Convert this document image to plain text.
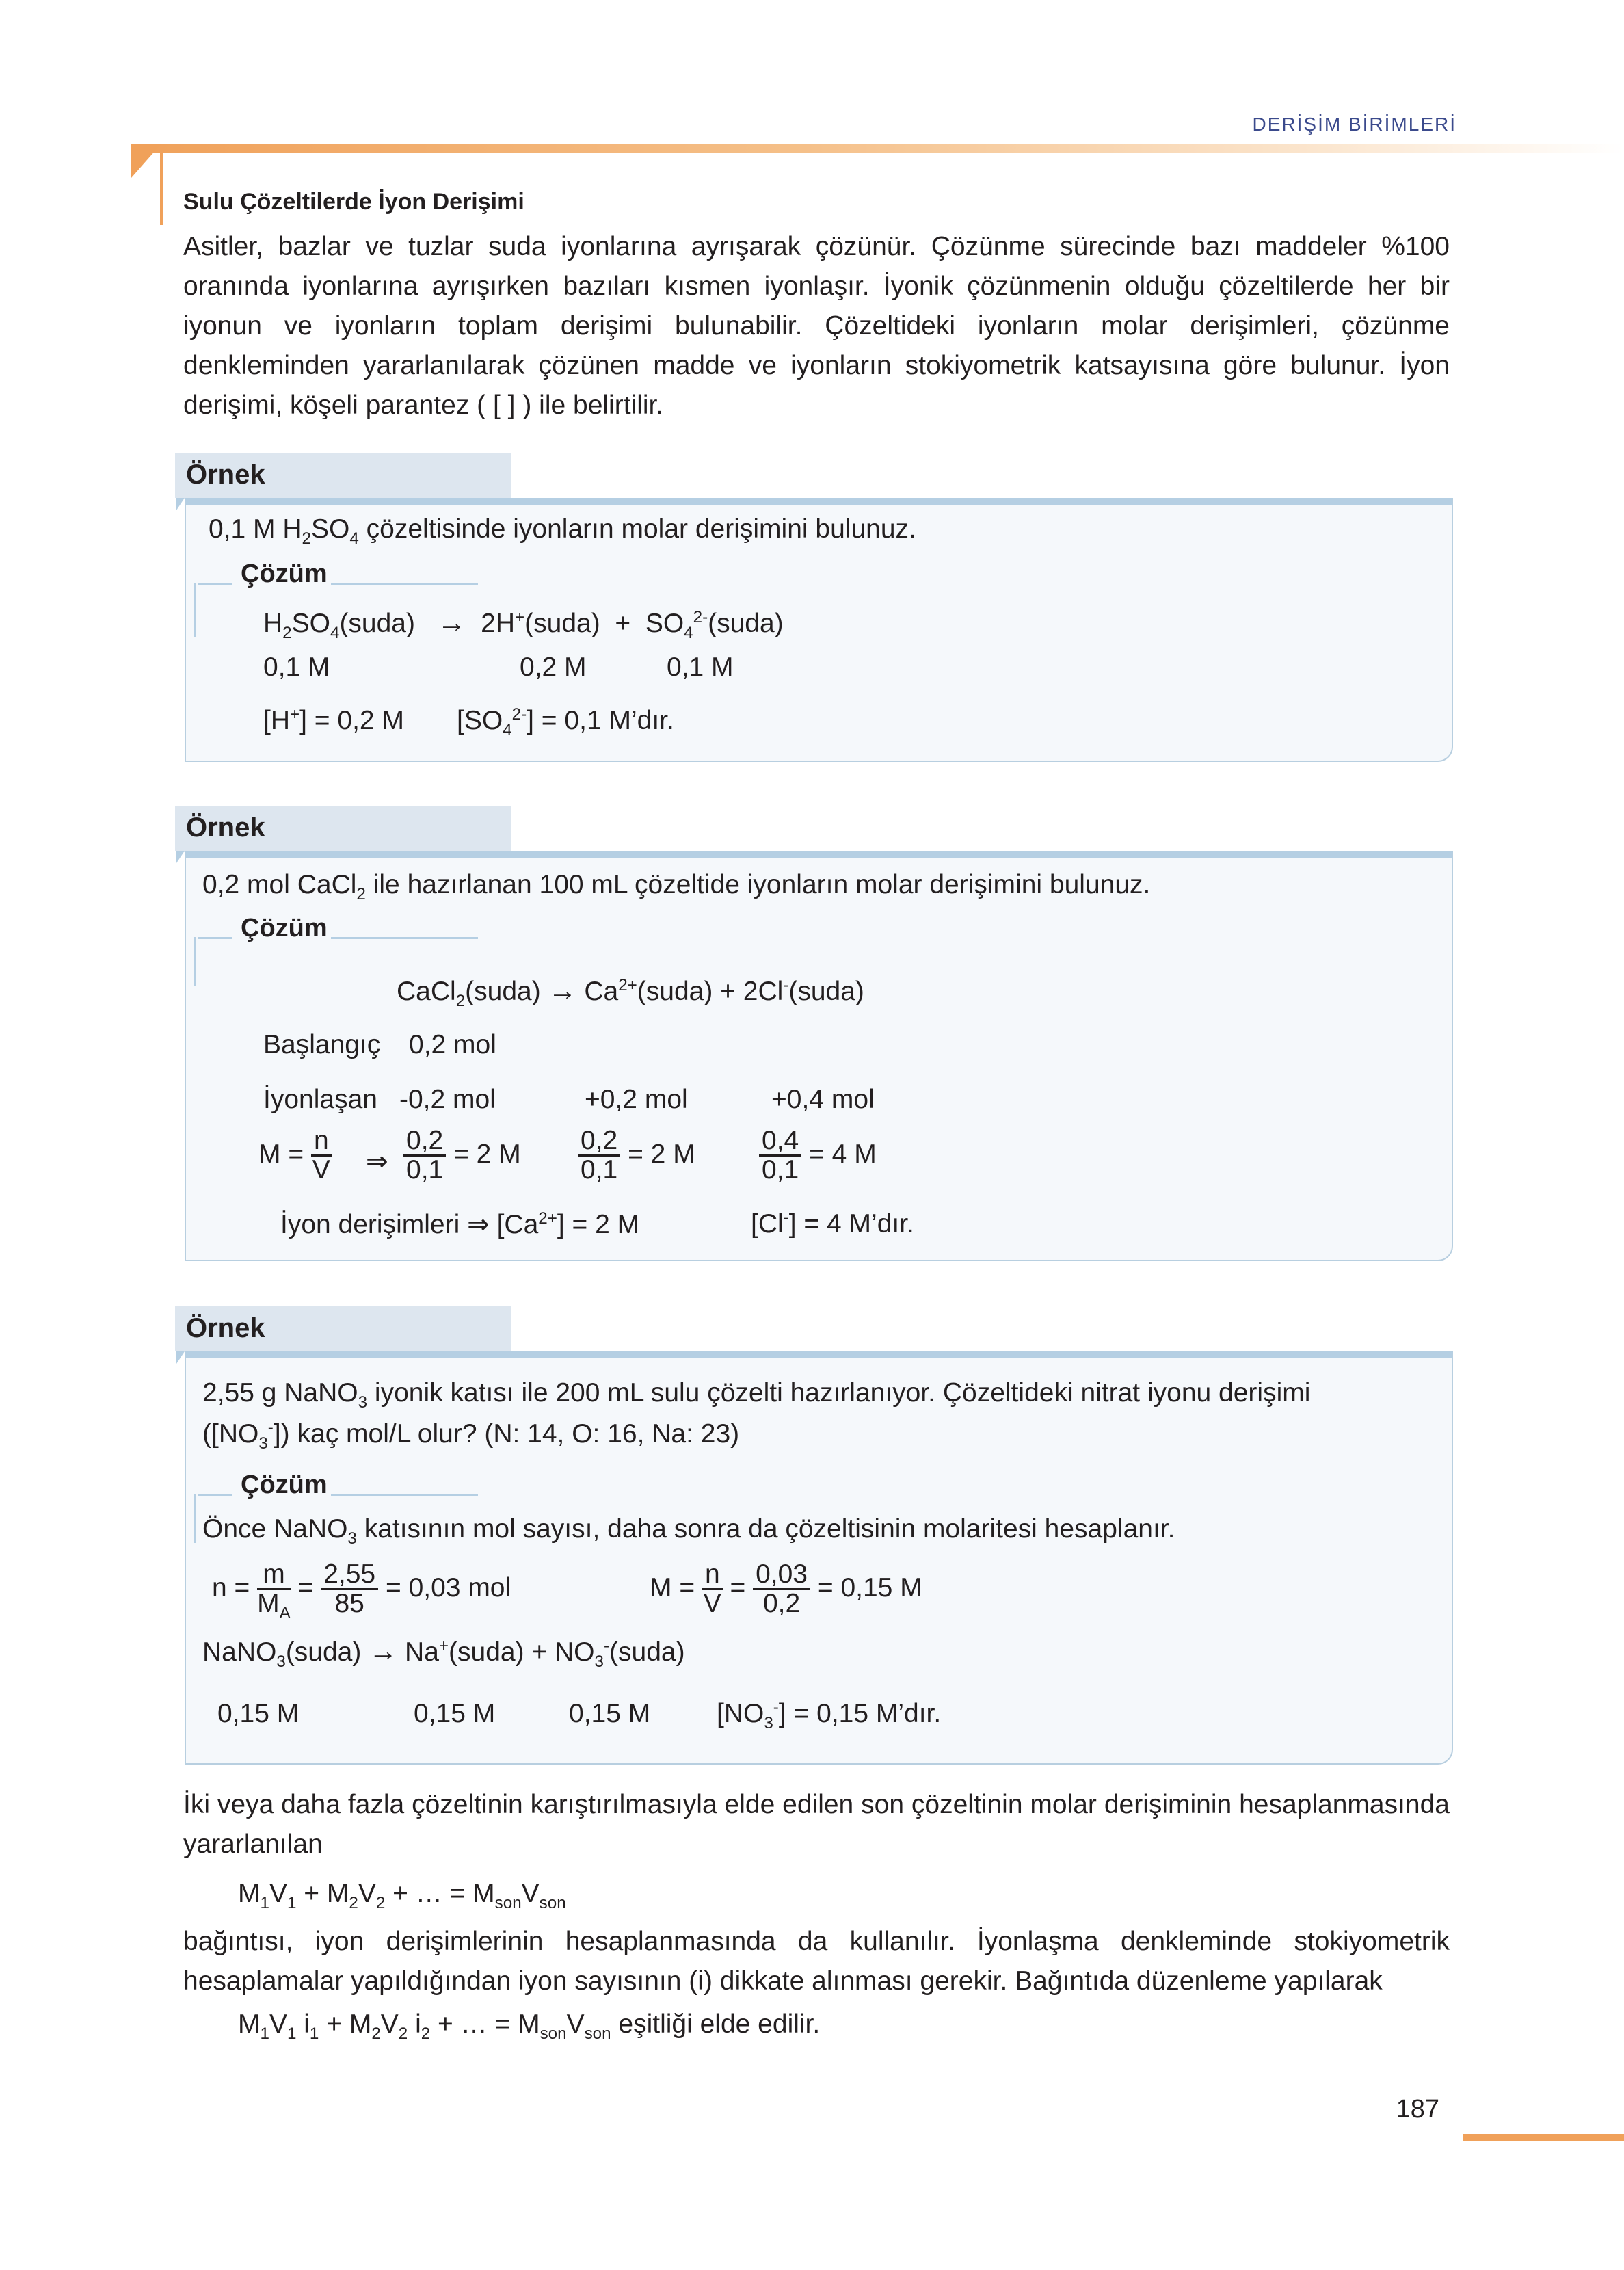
DERİŞİM BİRİMLERİ
Sulu Çözeltilerde İyon Derişimi
Asitler, bazlar ve tuzlar suda iyonlarına ayrışarak çözünür. Çözünme sürecinde bazı maddeler %100 oranında iyonlarına ayrışırken bazıları kısmen iyonlaşır. İyonik çözünmenin olduğu çözeltilerde her bir iyonun ve iyonların toplam derişimi bulunabilir. Çözeltideki iyonların molar derişimleri, çözünme denkleminden yararlanılarak çözünen madde ve iyonların stokiyometrik katsayısına göre bulunur. İyon derişimi, köşeli parantez ( [ ] ) ile belirtilir.
Örnek
0,1 M $H_2SO_4$ çözeltisinde iyonların molar derişimini bulunuz.
Çözüm
$H_2SO_4(suda)$   →  2H+(suda)  +  $SO_4^{2-}(suda)$
0,1 M	0,2 M	0,1 M
[H+] = 0,2 M $[SO_4^{2-}] = 0,1$ M’dır.
Örnek
0,2 mol CaCl$_2$ ile hazırlanan 100 mL çözeltide iyonların molar derişimini bulunuz.
Çözüm
CaCl$_2$(suda) → $Ca^{2+}(suda)$ + 2Cl-(suda)
Başlangıç 0,2 mol
İyonlaşan -0,2 mol	+0,2 mol	+0,4 mol
$M = \frac{n}{V}$ ⇒ $\frac{0,2}{0,1} = 2$ M $\frac{0,2}{0,1} = 2$ M $\frac{0,4}{0,1} = 4$ M
İyon derişimleri ⇒ $[Ca^{2+}] = 2$ M	[Cl-] = 4 M’dır.
Örnek
2,55 g NaNO$_3$ iyonik katısı ile 200 mL sulu çözelti hazırlanıyor. Çözeltideki nitrat iyonu derişimi
$([NO_3^-])$ kaç mol/L olur? (N: 14, O: 16, Na: 23)
Çözüm
Önce NaNO$_3$ katısının mol sayısı, daha sonra da çözeltisinin molaritesi hesaplanır.
$n = \frac{m}{M_A} = \frac{2,55}{85} = 0,03$ mol	$M = \frac{n}{V} = \frac{0,03}{0,2} = 0,15$ M
NaNO$_3$(suda) → Na+(suda) + $NO_3^-(suda)$
0,15 M	0,15 M	0,15 M $[NO_3^-] = 0,15$ M’dır.
İki veya daha fazla çözeltinin karıştırılmasıyla elde edilen son çözeltinin molar derişiminin hesaplanmasında yararlanılan
$M_1V_1 + M_2V_2$ + … = $M_{son}V_{son}$
bağıntısı, iyon derişimlerinin hesaplanmasında da kullanılır. İyonlaşma denkleminde stokiyometrik hesaplamalar yapıldığından iyon sayısının (i) dikkate alınması gerekir. Bağıntıda düzenleme yapılarak
$M_1V_1$ $i_1 + M_2V_2$ $i_2$ + … = $M_{son}V_{son}$ eşitliği elde edilir.
187
